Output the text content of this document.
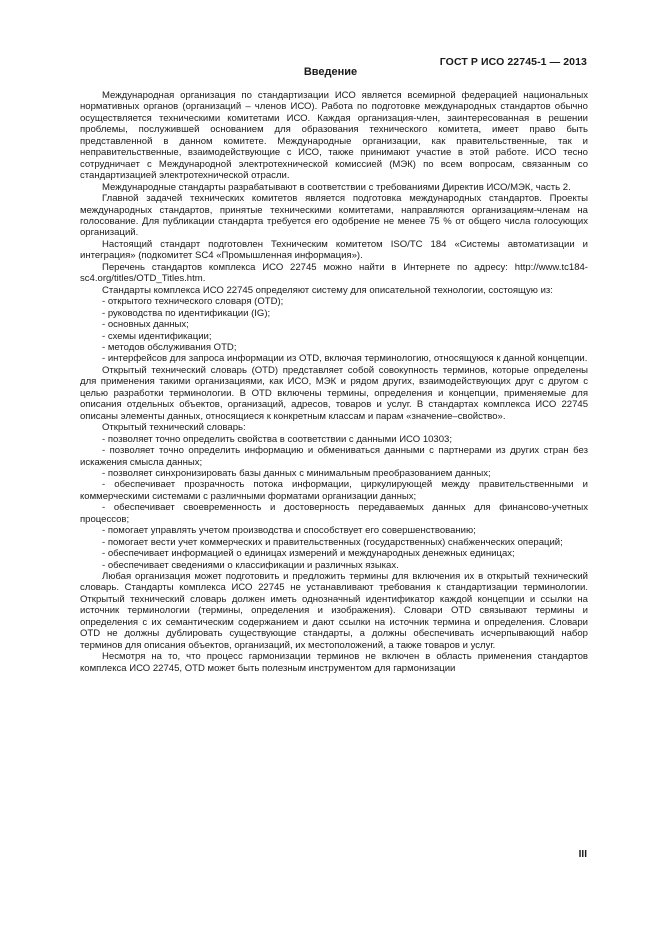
ГОСТ Р ИСО 22745-1 — 2013
Введение

Международная организация по стандартизации ИСО является всемирной федерацией национальных нормативных органов (организаций – членов ИСО). Работа по подготовке международных стандартов обычно осуществляется техническими комитетами ИСО. Каждая организация-член, заинтересованная в решении проблемы, послужившей основанием для образования технического комитета, имеет право быть представленной в данном комитете. Международные организации, как правительственные, так и неправительственные, взаимодействующие с ИСО, также принимают участие в этой работе. ИСО тесно сотрудничает с Международной электротехнической комиссией (МЭК) по всем вопросам, связанным со стандартизацией электротехнической отрасли.

Международные стандарты разрабатывают в соответствии с требованиями Директив ИСО/МЭК, часть 2.

Главной задачей технических комитетов является подготовка международных стандартов. Проекты международных стандартов, принятые техническими комитетами, направляются организациям-членам на голосование. Для публикации стандарта требуется его одобрение не менее 75 % от общего числа голосующих организаций.

Настоящий стандарт подготовлен Техническим комитетом ISO/TC 184 «Системы автоматизации и интеграция» (подкомитет SC4 «Промышленная информация»).

Перечень стандартов комплекса ИСО 22745 можно найти в Интернете по адресу: http://www.tc184-sc4.org/titles/OTD_Titles.htm.

Стандарты комплекса ИСО 22745 определяют систему для описательной технологии, состоящую из:

- открытого технического словаря (OTD);

- руководства по идентификации (IG);

- основных данных;

- схемы идентификации;

- методов обслуживания OTD;

- интерфейсов для запроса информации из OTD, включая терминологию, относящуюся к данной концепции.

Открытый технический словарь (OTD) представляет собой совокупность терминов, которые определены для применения такими организациями, как ИСО, МЭК и рядом других, взаимодействующих друг с другом с целью разработки терминологии. В OTD включены термины, определения и концепции, применяемые для описания отдельных объектов, организаций, адресов, товаров и услуг. В стандартах комплекса ИСО 22745 описаны элементы данных, относящиеся к конкретным классам и парам «значение–свойство».

Открытый технический словарь:

- позволяет точно определить свойства в соответствии с данными ИСО 10303;

- позволяет точно определить информацию и обмениваться данными с партнерами из других стран без искажения смысла данных;

- позволяет синхронизировать базы данных с минимальным преобразованием данных;

- обеспечивает прозрачность потока информации, циркулирующей между правительственными и коммерческими системами с различными форматами организации данных;

- обеспечивает своевременность и достоверность передаваемых данных для финансово-учетных процессов;

- помогает управлять учетом производства и способствует его совершенствованию;

- помогает вести учет коммерческих и правительственных (государственных) снабженческих операций;

- обеспечивает информацией о единицах измерений и международных денежных единицах;

- обеспечивает сведениями о классификации и различных языках.

Любая организация может подготовить и предложить термины для включения их в открытый технический словарь. Стандарты комплекса ИСО 22745 не устанавливают требования к стандартизации терминологии. Открытый технический словарь должен иметь однозначный идентификатор каждой концепции и ссылки на источник терминологии (термины, определения и изображения). Словари OTD связывают термины и определения с их семантическим содержанием и дают ссылки на источник термина и определения. Словари OTD не должны дублировать существующие стандарты, а должны обеспечивать исчерпывающий набор терминов для описания объектов, организаций, их местоположений, а также товаров и услуг.

Несмотря на то, что процесс гармонизации терминов не включен в область применения стандартов комплекса ИСО 22745, OTD может быть полезным инструментом для гармонизации

III
